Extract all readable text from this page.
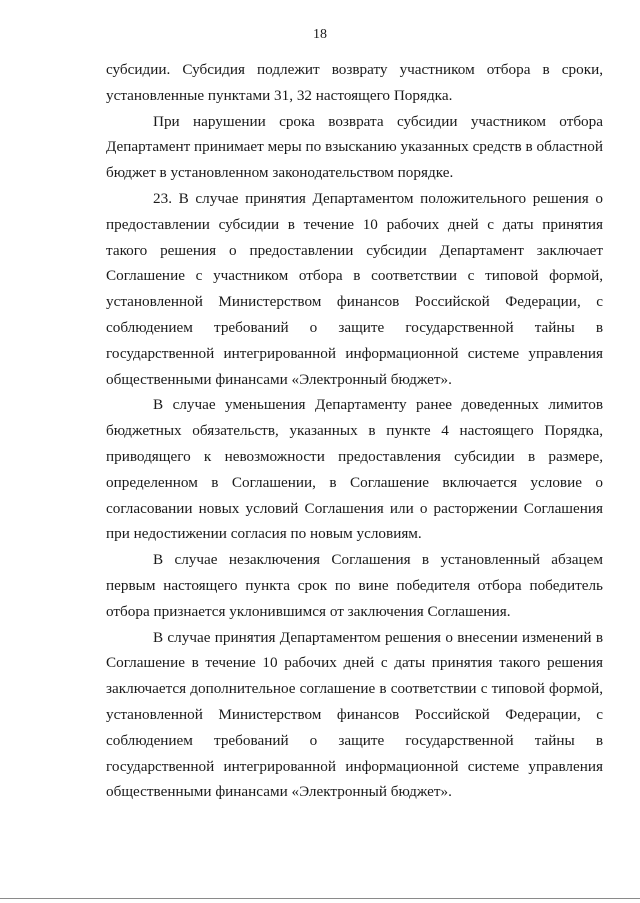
18

субсидии. Субсидия подлежит возврату участником отбора в сроки,
установленные пунктами 31, 32 настоящего Порядка.

При нарушении срока возврата субсидии участником отбора
Департамент принимает меры по взысканию указанных средств в областной
бюджет в установленном законодательством порядке.

23. В случае принятия Департаментом положительного решения о
предоставлении субсидии в течение 10 рабочих дней с даты принятия
такого решения о предоставлении субсидии Департамент заключает
Соглашение с участником отбора в соответствии с типовой формой,
установленной Министерством финансов Российской Федерации, с
соблюдением требований о защите государственной тайны в
государственной интегрированной информационной системе управления
общественными финансами «Электронный бюджет».

В случае уменьшения Департаменту ранее доведенных лимитов
бюджетных обязательств, указанных в пункте 4 настоящего Порядка,
приводящего к невозможности предоставления субсидии в размере,
определенном в Соглашении, в Соглашение включается условие о
согласовании новых условий Соглашения или о расторжении Соглашения
при недостижении согласия по новым условиям.

В случае незаключения Соглашения в установленный абзацем
первым настоящего пункта срок по вине победителя отбора победитель
отбора признается уклонившимся от заключения Соглашения.

В случае принятия Департаментом решения о внесении изменений в
Соглашение в течение 10 рабочих дней с даты принятия такого решения
заключается дополнительное соглашение в соответствии с типовой формой,
установленной Министерством финансов Российской Федерации, с
соблюдением требований о защите государственной тайны в
государственной интегрированной информационной системе управления
общественными финансами «Электронный бюджет».
